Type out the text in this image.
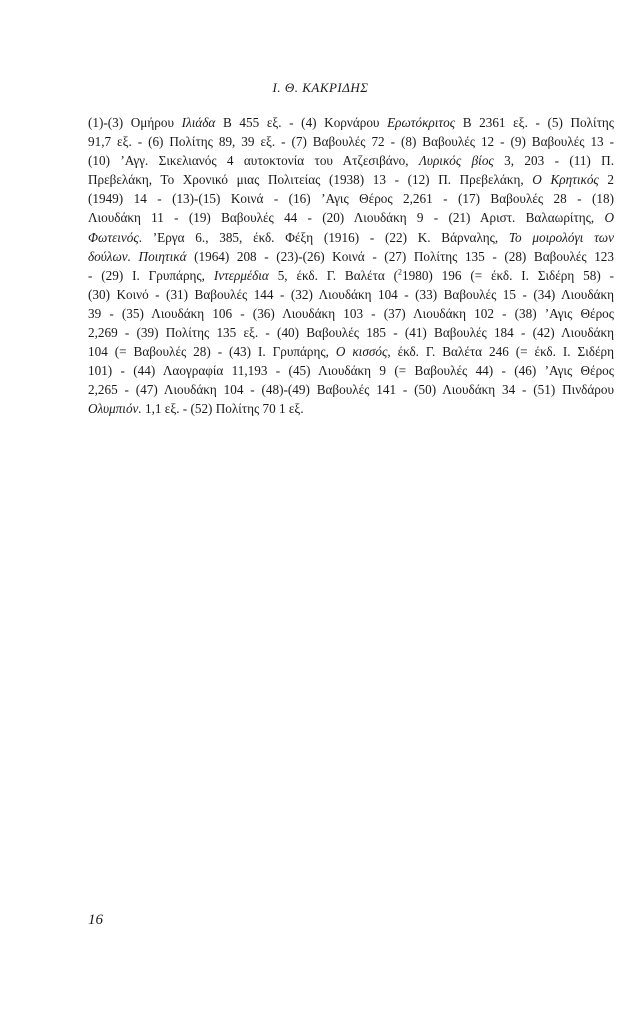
Ι. Θ. ΚΑΚΡΙΔΗΣ
(1)-(3) Ομήρου Ιλιάδα Β 455 εξ. - (4) Κορνάρου Ερωτόκριτος Β 2361 εξ. - (5) Πολίτης
91,7 εξ. - (6) Πολίτης 89, 39 εξ. - (7) Βαβουλές 72 - (8) Βαβουλές 12 - (9) Βαβουλές 13 -
(10) ’Αγγ. Σικελιανός 4 αυτοκτονία του Ατζεσιβάνο, Λυρικός βίος 3, 203 - (11) Π.
Πρεβελάκη, Το Χρονικό μιας Πολιτείας (1938) 13 - (12) Π. Πρεβελάκη, Ο Κρητικός 2
(1949) 14 - (13)-(15) Κοινά - (16) ’Αγις Θέρος 2,261 - (17) Βαβουλές 28 - (18)
Λιουδάκη 11 - (19) Βαβουλές 44 - (20) Λιουδάκη 9 - (21) Αριστ. Βαλαωρίτης, Ο
Φωτεινός. ’Εργα 6., 385, έκδ. Φέξη (1916) - (22) Κ. Βάρναλης, Το μοιρολόγι των
δούλων. Ποιητικά (1964) 208 - (23)-(26) Κοινά - (27) Πολίτης 135 - (28) Βαβουλές 123
- (29) Ι. Γρυπάρης, Ιντερμέδια 5, έκδ. Γ. Βαλέτα ($^2$1980) 196 (= έκδ. Ι. Σιδέρη 58) -
(30) Κοινό - (31) Βαβουλές 144 - (32) Λιουδάκη 104 - (33) Βαβουλές 15 - (34) Λιουδάκη
39 - (35) Λιουδάκη 106 - (36) Λιουδάκη 103 - (37) Λιουδάκη 102 - (38) ’Αγις Θέρος
2,269 - (39) Πολίτης 135 εξ. - (40) Βαβουλές 185 - (41) Βαβουλές 184 - (42) Λιουδάκη
104 (= Βαβουλές 28) - (43) Ι. Γρυπάρης, Ο κισσός, έκδ. Γ. Βαλέτα 246 (= έκδ. Ι. Σιδέρη
101) - (44) Λαογραφία 11,193 - (45) Λιουδάκη 9 (= Βαβουλές 44) - (46) ’Αγις Θέρος
2,265 - (47) Λιουδάκη 104 - (48)-(49) Βαβουλές 141 - (50) Λιουδάκη 34 - (51) Πινδάρου
Ολυμπιόν. 1,1 εξ. - (52) Πολίτης 70 1 εξ.
16
